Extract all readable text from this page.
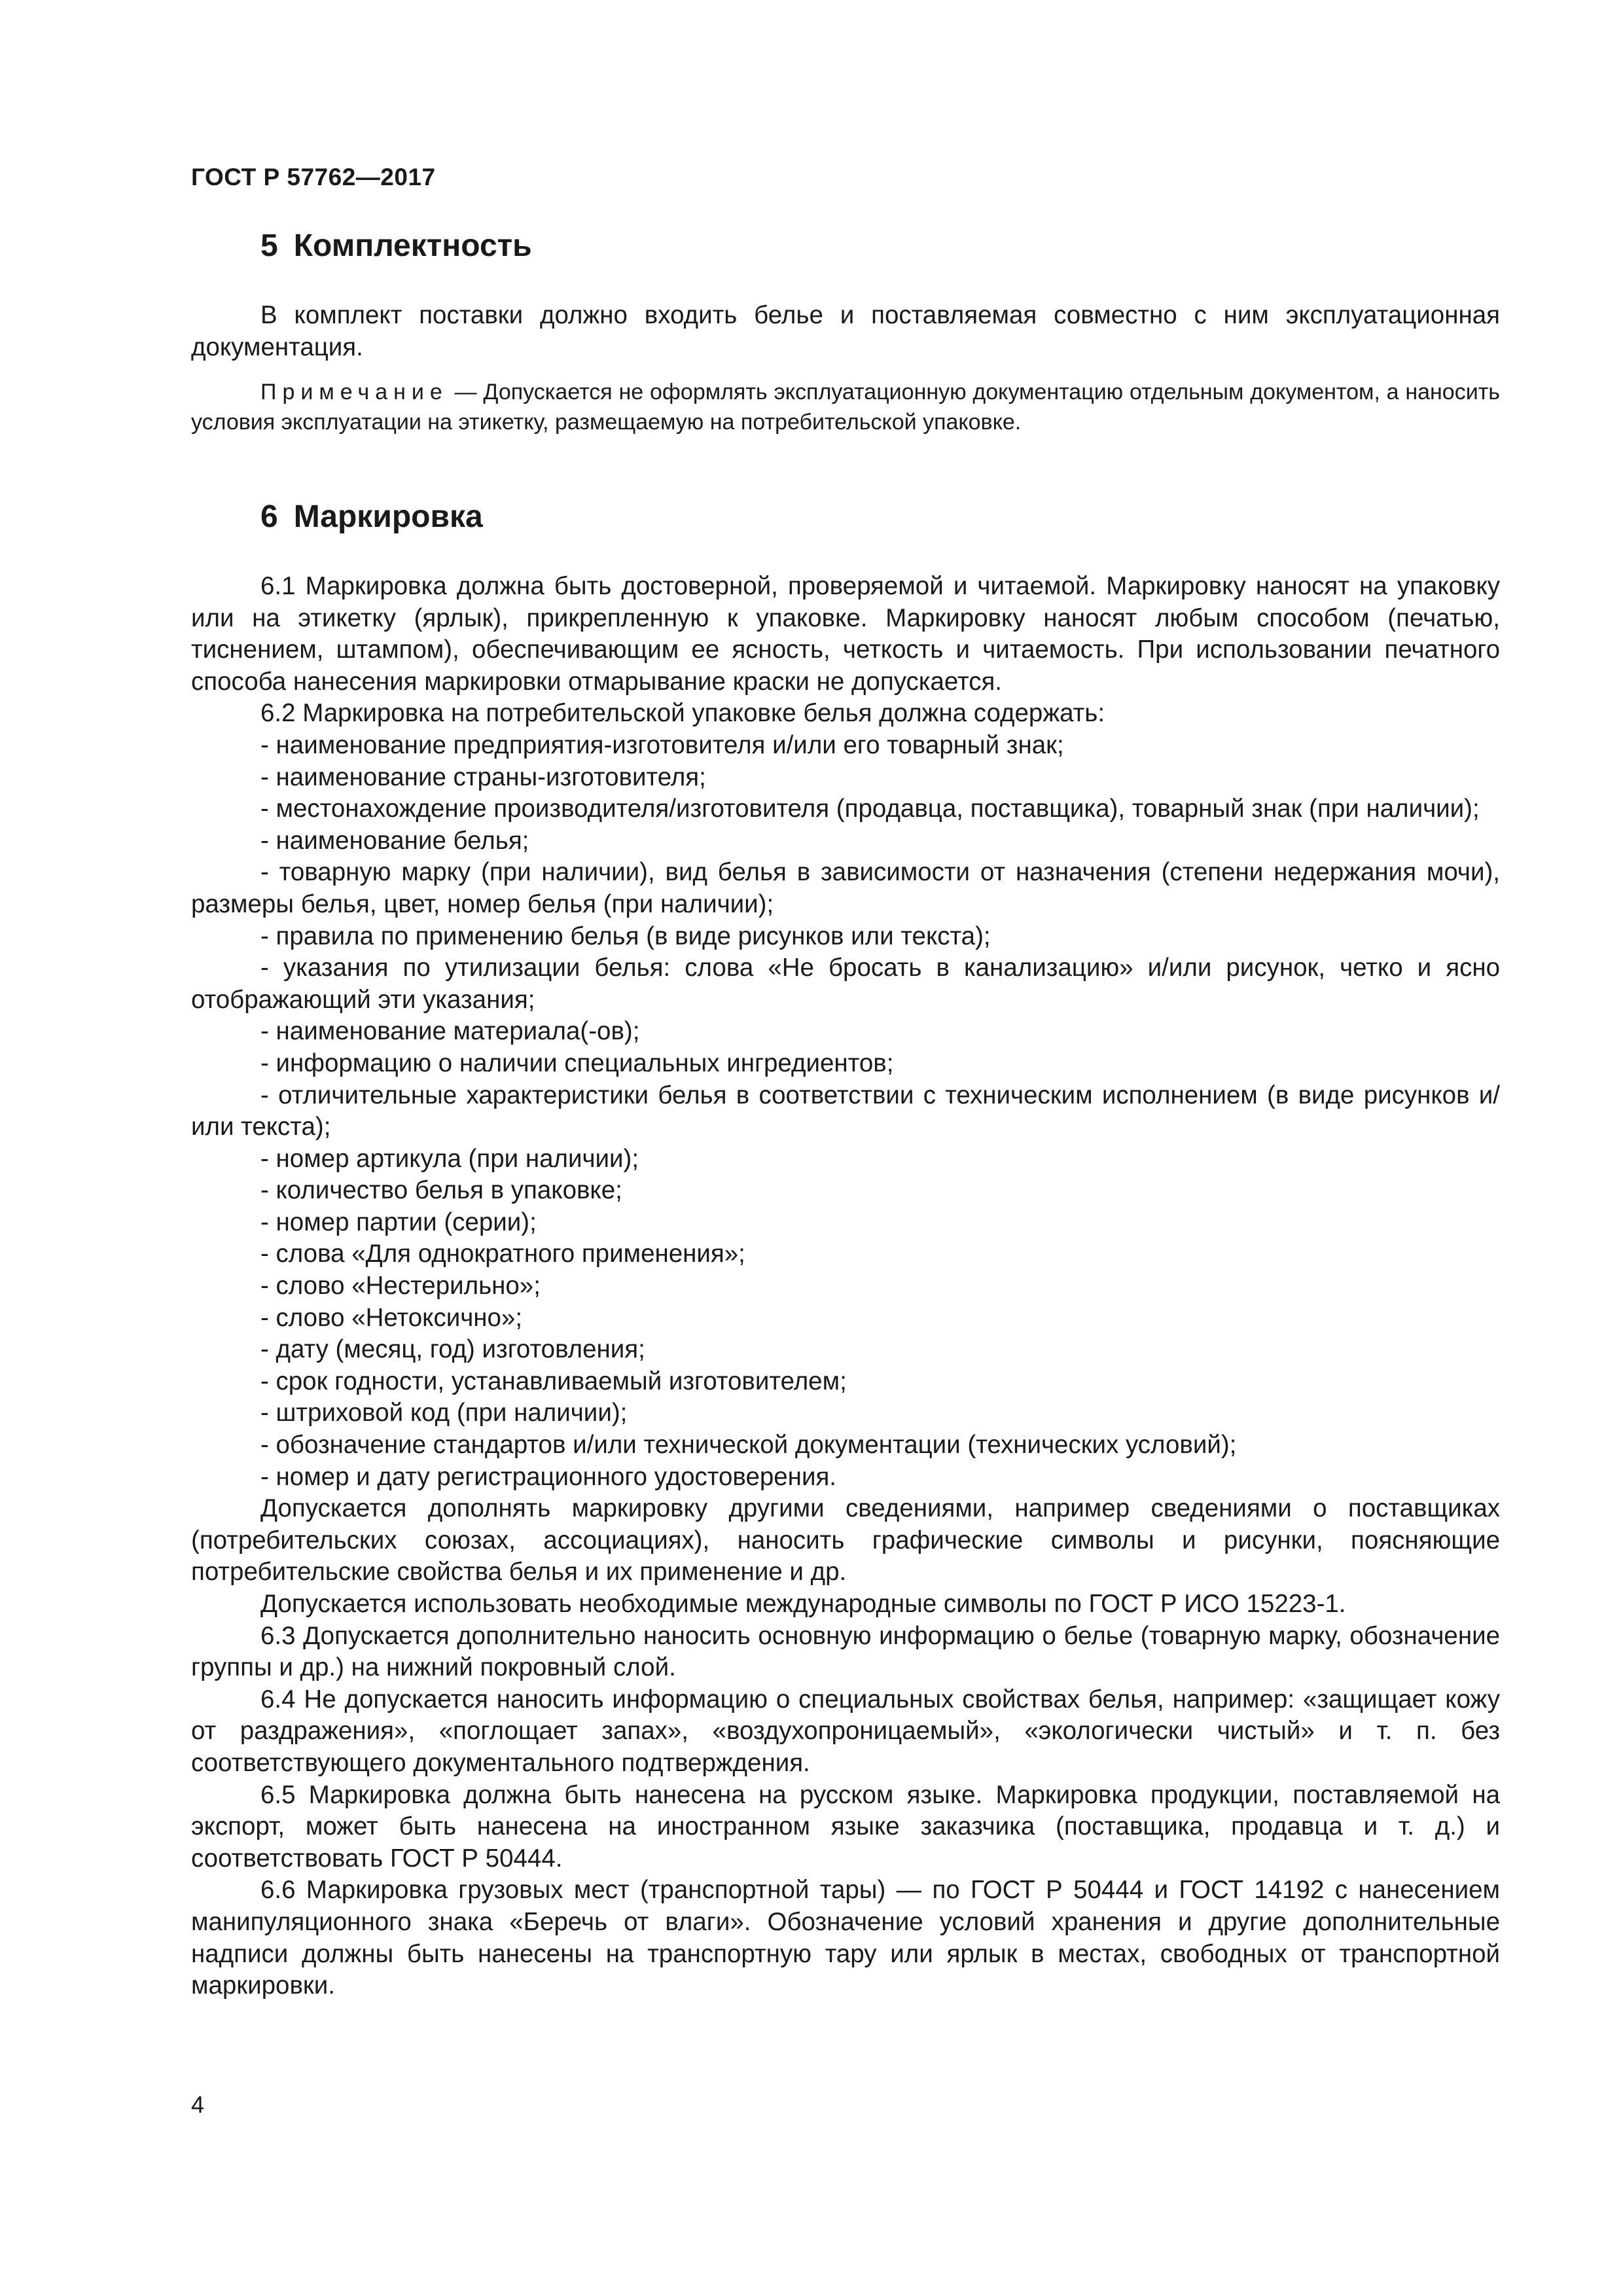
ГОСТ Р 57762—2017
5 Комплектность

В комплект поставки должно входить белье и поставляемая совместно с ним эксплуатационная документация.

Примечание — Допускается не оформлять эксплуатационную документацию отдельным документом, а наносить условия эксплуатации на этикетку, размещаемую на потребительской упаковке.

6 Маркировка

6.1 Маркировка должна быть достоверной, проверяемой и читаемой. Маркировку наносят на упаковку или на этикетку (ярлык), прикрепленную к упаковке. Маркировку наносят любым способом (печатью, тиснением, штампом), обеспечивающим ее ясность, четкость и читаемость. При использовании печатного способа нанесения маркировки отмарывание краски не допускается.

6.2 Маркировка на потребительской упаковке белья должна содержать:

- наименование предприятия-изготовителя и/или его товарный знак;

- наименование страны-изготовителя;

- местонахождение производителя/изготовителя (продавца, поставщика), товарный знак (при наличии);

- наименование белья;

- товарную марку (при наличии), вид белья в зависимости от назначения (степени недержания мочи), размеры белья, цвет, номер белья (при наличии);

- правила по применению белья (в виде рисунков или текста);

- указания по утилизации белья: слова «Не бросать в канализацию» и/или рисунок, четко и ясно отображающий эти указания;

- наименование материала(-ов);

- информацию о наличии специальных ингредиентов;

- отличительные характеристики белья в соответствии с техническим исполнением (в виде рисунков и/или текста);

- номер артикула (при наличии);

- количество белья в упаковке;

- номер партии (серии);

- слова «Для однократного применения»;

- слово «Нестерильно»;

- слово «Нетоксично»;

- дату (месяц, год) изготовления;

- срок годности, устанавливаемый изготовителем;

- штриховой код (при наличии);

- обозначение стандартов и/или технической документации (технических условий);

- номер и дату регистрационного удостоверения.

Допускается дополнять маркировку другими сведениями, например сведениями о поставщиках (потребительских союзах, ассоциациях), наносить графические символы и рисунки, поясняющие потребительские свойства белья и их применение и др.

Допускается использовать необходимые международные символы по ГОСТ Р ИСО 15223-1.

6.3 Допускается дополнительно наносить основную информацию о белье (товарную марку, обозначение группы и др.) на нижний покровный слой.

6.4 Не допускается наносить информацию о специальных свойствах белья, например: «защищает кожу от раздражения», «поглощает запах», «воздухопроницаемый», «экологически чистый» и т. п. без соответствующего документального подтверждения.

6.5 Маркировка должна быть нанесена на русском языке. Маркировка продукции, поставляемой на экспорт, может быть нанесена на иностранном языке заказчика (поставщика, продавца и т. д.) и соответствовать ГОСТ Р 50444.

6.6 Маркировка грузовых мест (транспортной тары) — по ГОСТ Р 50444 и ГОСТ 14192 с нанесением манипуляционного знака «Беречь от влаги». Обозначение условий хранения и другие дополнительные надписи должны быть нанесены на транспортную тару или ярлык в местах, свободных от транспортной маркировки.

4
